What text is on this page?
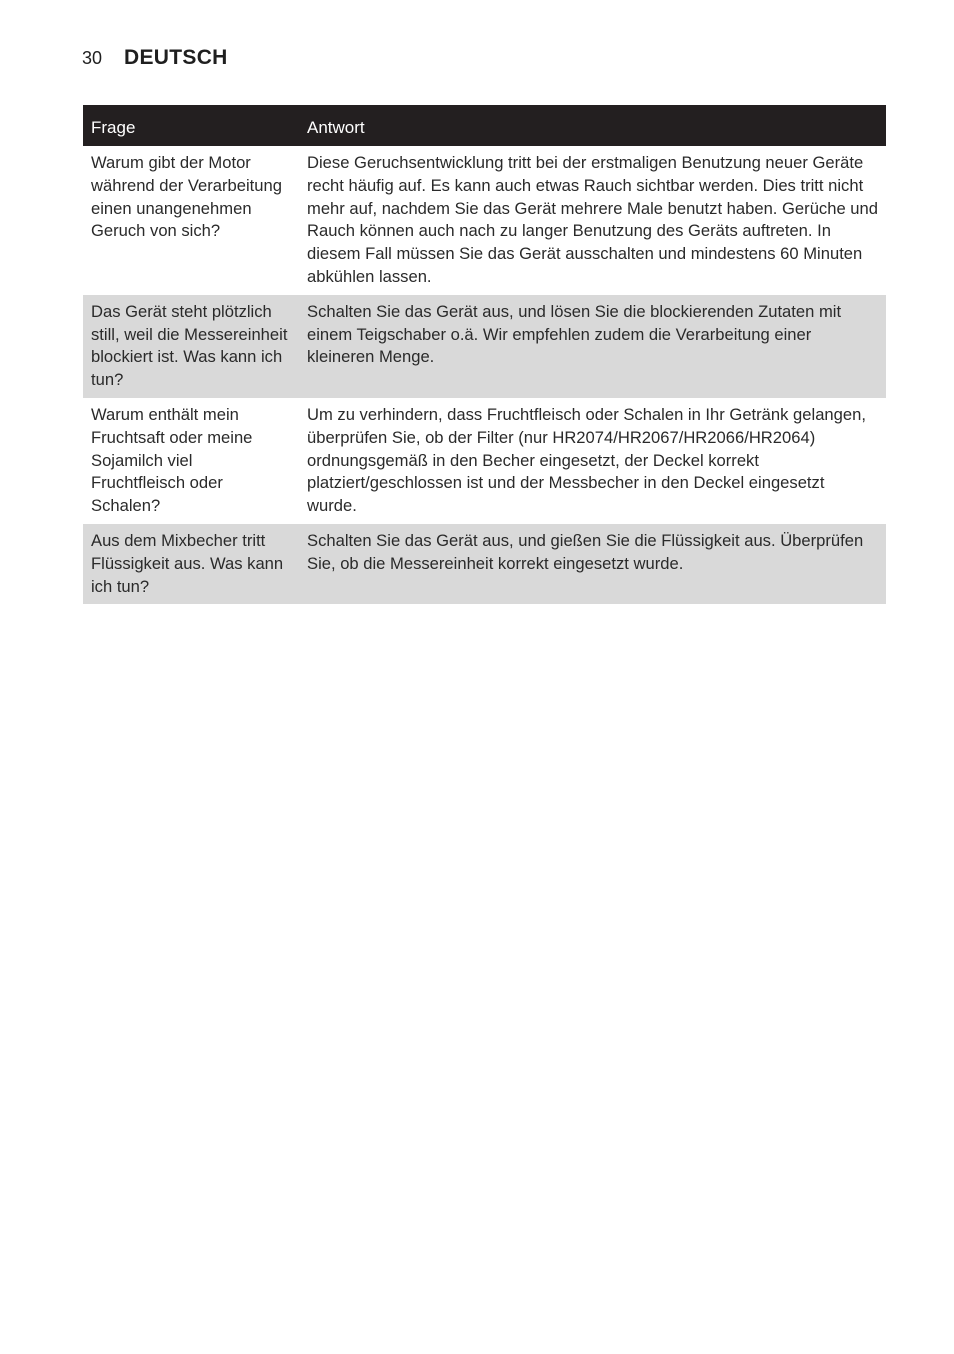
30 DEUTSCH
Frage	Antwort
Warum gibt der Motor während der Verarbeitung einen unangenehmen Geruch von sich?	Diese Geruchsentwicklung tritt bei der erstmaligen Benutzung neuer Geräte recht häufig auf. Es kann auch etwas Rauch sichtbar werden. Dies tritt nicht mehr auf, nachdem Sie das Gerät mehrere Male benutzt haben. Gerüche und Rauch können auch nach zu langer Benutzung des Geräts auftreten. In diesem Fall müssen Sie das Gerät ausschalten und mindestens 60 Minuten abkühlen lassen.
Das Gerät steht plötzlich still, weil die Messereinheit blockiert ist. Was kann ich tun?	Schalten Sie das Gerät aus, und lösen Sie die blockierenden Zutaten mit einem Teigschaber o.ä. Wir empfehlen zudem die Verarbeitung einer kleineren Menge.
Warum enthält mein Fruchtsaft oder meine Sojamilch viel Fruchtfleisch oder Schalen?	Um zu verhindern, dass Fruchtfleisch oder Schalen in Ihr Getränk gelangen, überprüfen Sie, ob der Filter (nur HR2074/HR2067/HR2066/HR2064) ordnungsgemäß in den Becher eingesetzt, der Deckel korrekt platziert/geschlossen ist und der Messbecher in den Deckel eingesetzt wurde.
Aus dem Mixbecher tritt Flüssigkeit aus. Was kann ich tun?	Schalten Sie das Gerät aus, und gießen Sie die Flüssigkeit aus. Überprüfen Sie, ob die Messereinheit korrekt eingesetzt wurde.
